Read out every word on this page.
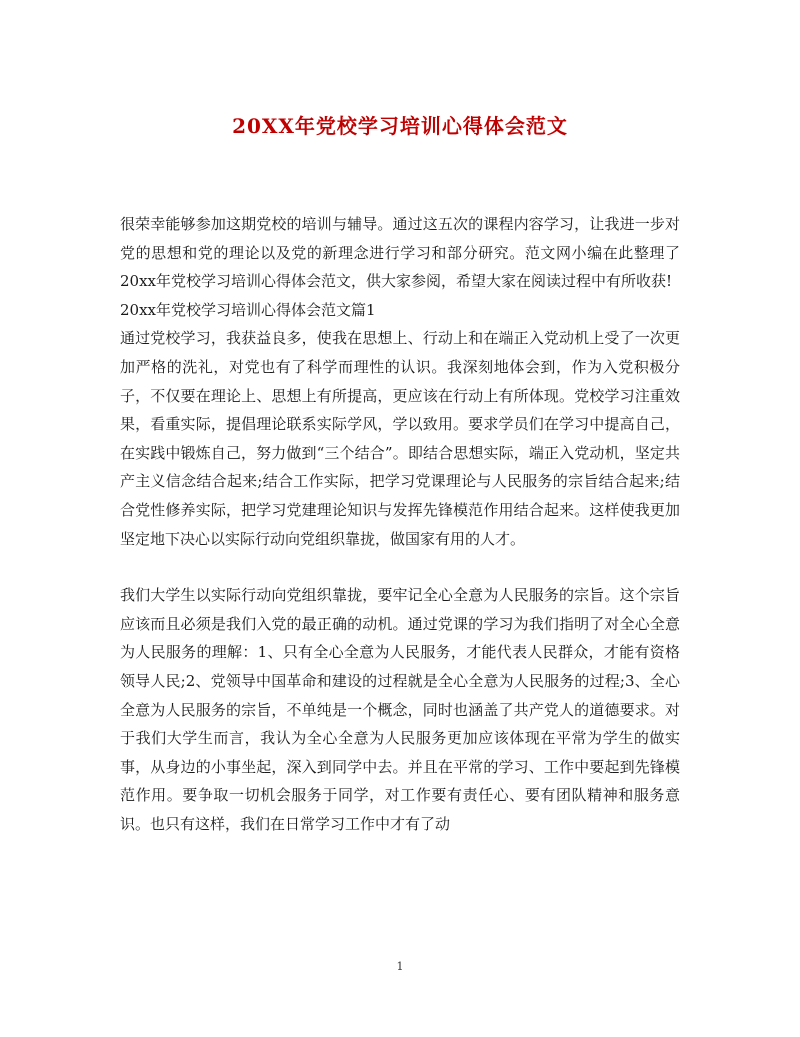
20XX年党校学习培训心得体会范文

很荣幸能够参加这期党校的培训与辅导。通过这五次的课程内容学习，让我进一步对党的思想和党的理论以及党的新理念进行学习和部分研究。范文网小编在此整理了20xx年党校学习培训心得体会范文，供大家参阅，希望大家在阅读过程中有所收获!

20xx年党校学习培训心得体会范文篇1

通过党校学习，我获益良多，使我在思想上、行动上和在端正入党动机上受了一次更加严格的洗礼，对党也有了科学而理性的认识。我深刻地体会到，作为入党积极分子，不仅要在理论上、思想上有所提高，更应该在行动上有所体现。党校学习注重效果，看重实际，提倡理论联系实际学风，学以致用。要求学员们在学习中提高自己，在实践中锻炼自己，努力做到“三个结合”。即结合思想实际，端正入党动机，坚定共产主义信念结合起来;结合工作实际，把学习党课理论与人民服务的宗旨结合起来;结合党性修养实际，把学习党建理论知识与发挥先锋模范作用结合起来。这样使我更加坚定地下决心以实际行动向党组织靠拢，做国家有用的人才。

我们大学生以实际行动向党组织靠拢，要牢记全心全意为人民服务的宗旨。这个宗旨应该而且必须是我们入党的最正确的动机。通过党课的学习为我们指明了对全心全意为人民服务的理解：1、只有全心全意为人民服务，才能代表人民群众，才能有资格领导人民;2、党领导中国革命和建设的过程就是全心全意为人民服务的过程;3、全心全意为人民服务的宗旨，不单纯是一个概念，同时也涵盖了共产党人的道德要求。对于我们大学生而言，我认为全心全意为人民服务更加应该体现在平常为学生的做实事，从身边的小事坐起，深入到同学中去。并且在平常的学习、工作中要起到先锋模范作用。要争取一切机会服务于同学，对工作要有责任心、要有团队精神和服务意识。也只有这样，我们在日常学习工作中才有了动

1
